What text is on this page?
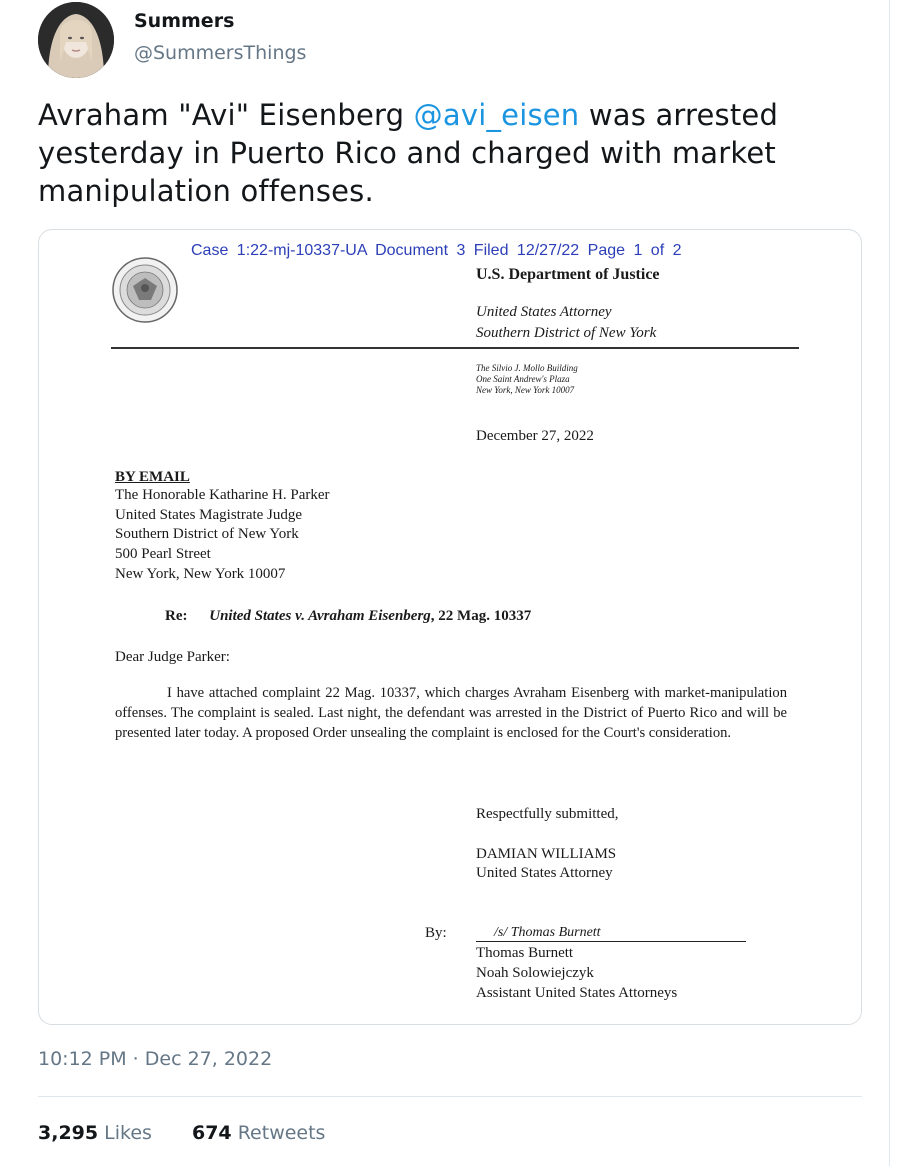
Summers
@SummersThings
Avraham "Avi" Eisenberg @avi_eisen was arrested
yesterday in Puerto Rico and charged with market
manipulation offenses.
Case 1:22-mj-10337-UA Document 3 Filed 12/27/22 Page 1 of 2
U.S. Department of Justice
United States Attorney
Southern District of New York
The Silvio J. Mollo Building
One Saint Andrew's Plaza
New York, New York 10007
December 27, 2022
BY EMAIL
The Honorable Katharine H. Parker
United States Magistrate Judge
Southern District of New York
500 Pearl Street
New York, New York 10007
Re: United States v. Avraham Eisenberg, 22 Mag. 10337
Dear Judge Parker:
I have attached complaint 22 Mag. 10337, which charges Avraham Eisenberg with market-manipulation offenses. The complaint is sealed. Last night, the defendant was arrested in the District of Puerto Rico and will be presented later today. A proposed Order unsealing the complaint is enclosed for the Court's consideration.
Respectfully submitted,
DAMIAN WILLIAMS
United States Attorney
By:	/s/ Thomas Burnett
Thomas Burnett
Noah Solowiejczyk
Assistant United States Attorneys
10:12 PM · Dec 27, 2022
3,295 Likes 674 Retweets
